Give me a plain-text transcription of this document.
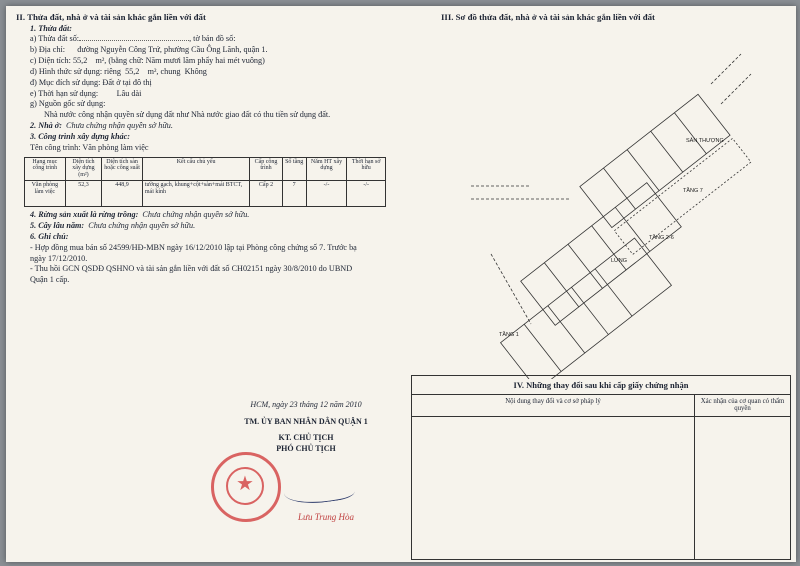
II. Thửa đất, nhà ở và tài sản khác gắn liền với đất
1. Thửa đất:
a) Thửa đất số:	, tờ bản đồ số:
b) Địa chỉ: đường Nguyễn Công Trứ, phường Cầu Ông Lãnh, quận 1.
c) Diện tích: 55,2 m², (bằng chữ: Năm mươi lăm phẩy hai mét vuông)
d) Hình thức sử dụng: riêng 55,2 m², chung Không
đ) Mục đích sử dụng: Đất ở tại đô thị
e) Thời hạn sử dụng: Lâu dài
g) Nguồn gốc sử dụng:
Nhà nước công nhận quyền sử dụng đất như Nhà nước giao đất có thu tiền sử dụng đất.
2. Nhà ở: Chưa chứng nhận quyền sở hữu.
3. Công trình xây dựng khác:
Tên công trình: Văn phòng làm việc
Hạng mục công trình	Diện tích xây dựng (m²)	Diện tích sàn hoặc công suất	Kết cấu chủ yếu	Cấp công trình	Số tầng	Năm HT xây dựng	Thời hạn sở hữu
Văn phòng làm việc	52,3	448,9	tường gạch, khung+cột+sàn+mái BTCT, mái kính	Cấp 2	7	-/-	-/-
4. Rừng sản xuất là rừng trồng: Chưa chứng nhận quyền sở hữu.
5. Cây lâu năm: Chưa chứng nhận quyền sở hữu.
6. Ghi chú:
- Hợp đồng mua bán số 24599/HĐ-MBN ngày 16/12/2010 lập tại Phòng công chứng số 7. Trước bạ ngày 17/12/2010.
- Thu hồi GCN QSDĐ QSHNO và tài sản gắn liền với đất số CH02151 ngày 30/8/2010 do UBND Quận 1 cấp.
HCM, ngày 23 tháng 12 năm 2010
TM. ỦY BAN NHÂN DÂN QUẬN 1
KT. CHỦ TỊCH
PHÓ CHỦ TỊCH
★
Lưu Trung Hòa
III. Sơ đồ thửa đất, nhà ở và tài sản khác gắn liền với đất
SÂN THƯỢNG
TẦNG 7
TẦNG 2-6
LỬNG
TẦNG 1
IV. Những thay đổi sau khi cấp giấy chứng nhận
Nội dung thay đổi và cơ sở pháp lý	Xác nhận của cơ quan có thẩm quyền
